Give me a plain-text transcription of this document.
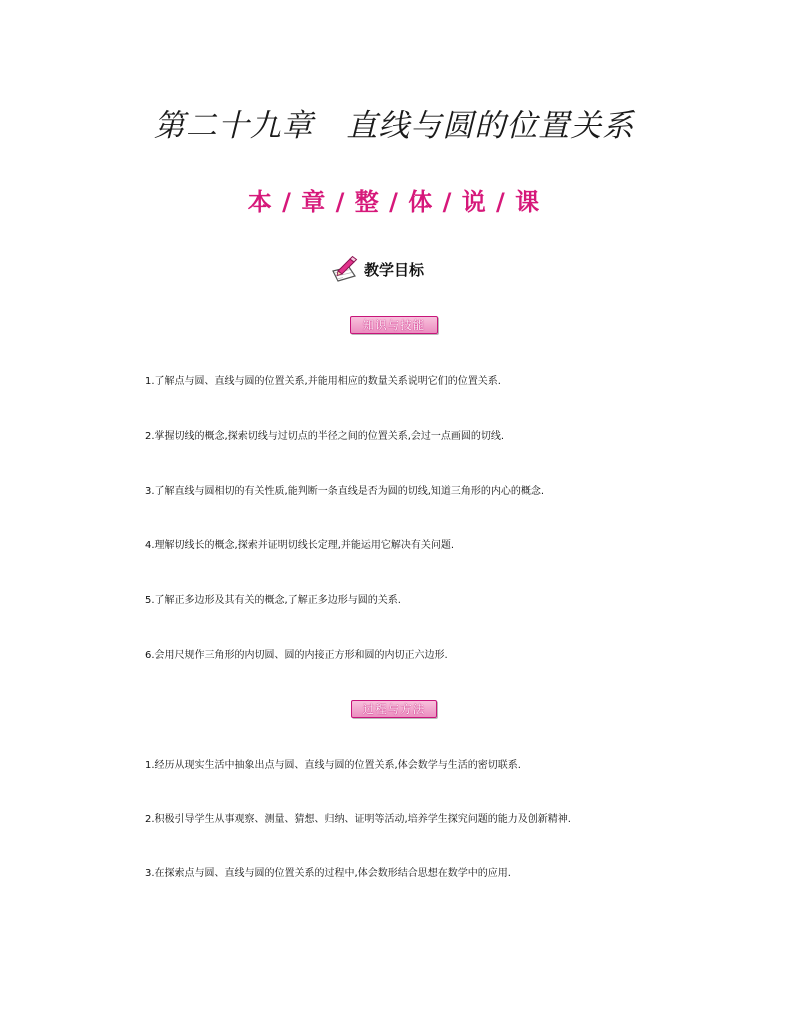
第二十九章   直线与圆的位置关系
本 / 章 / 整 / 体 / 说 / 课
教学目标
知识与技能
1.了解点与圆、直线与圆的位置关系,并能用相应的数量关系说明它们的位置关系.
2.掌握切线的概念,探索切线与过切点的半径之间的位置关系,会过一点画圆的切线.
3.了解直线与圆相切的有关性质,能判断一条直线是否为圆的切线,知道三角形的内心的概念.
4.理解切线长的概念,探索并证明切线长定理,并能运用它解决有关问题.
5.了解正多边形及其有关的概念,了解正多边形与圆的关系.
6.会用尺规作三角形的内切圆、圆的内接正方形和圆的内切正六边形.
过程与方法
1.经历从现实生活中抽象出点与圆、直线与圆的位置关系,体会数学与生活的密切联系.
2.积极引导学生从事观察、测量、猜想、归纳、证明等活动,培养学生探究问题的能力及创新精神.
3.在探索点与圆、直线与圆的位置关系的过程中,体会数形结合思想在数学中的应用.
